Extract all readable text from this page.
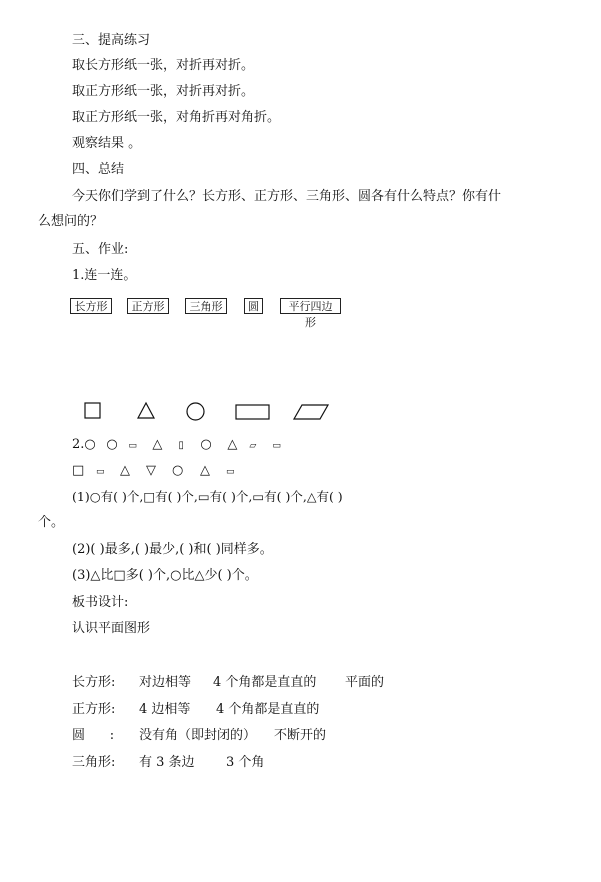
三、提高练习
取长方形纸一张，对折再对折。
取正方形纸一张，对折再对折。
取正方形纸一张，对角折再对角折。
观察结果 。
四、总结
今天你们学到了什么？长方形、正方形、三角形、圆各有什么特点？你有什
么想问的？
五、作业:
1.连一连。
长方形	正方形	三角形	圆	平行四边形
2.○ ○ ▭ △ ▯ ○ △ ▱ ▭
□ ▭ △ ▽ ○ △ ▭
(1)○有( )个,□有( )个,▭有( )个,▭有( )个,△有( )
个。
(2)( )最多,( )最少,( )和( )同样多。
(3)△比□多( )个,○比△少( )个。
板书设计:
认识平面图形
长方形: 对边相等 4 个角都是直直的 平面的
正方形: 4 边相等 4 个角都是直直的
圆      : 没有角（即封闭的） 不断开的
三角形: 有 3 条边 3 个角
